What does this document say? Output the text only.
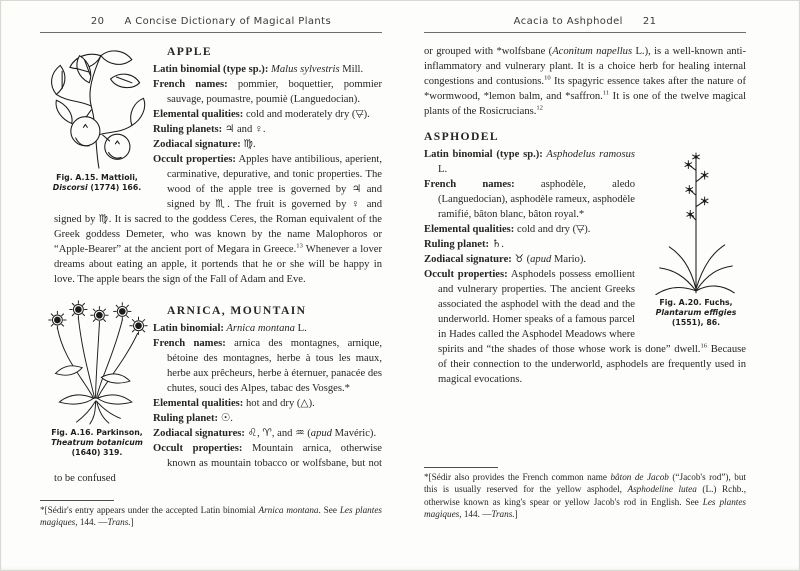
20 A Concise Dictionary of Magical Plants
Fig. A.15. Mattioli, Discorsi (1774) 166.
APPLE

Latin binomial (type sp.): Malus sylvestris Mill.

French names: pommier, boquettier, pommier sauvage, poumastre, poumiè (Languedocian).

Elemental qualities: cold and moderately dry (▽̶).

Ruling planets: ♃ and ♀.

Zodiacal signature: ♍.

Occult properties: Apples have antibilious, aperient, carminative, depurative, and tonic properties. The wood of the apple tree is governed by ♃ and signed by ♏. The fruit is governed by ♀ and signed by ♍. It is sacred to the goddess Ceres, the Roman equivalent of the Greek goddess Demeter, who was known by the name Malophoros or “Apple-Bearer” at the ancient port of Megara in Greece.$^{13}$ Whenever a lover dreams about eating an apple, it portends that he or she will be happy in love. The apple bears the sign of the Fall of Adam and Eve.

Fig. A.16. Parkinson, Theatrum botanicum (1640) 319.
ARNICA, MOUNTAIN

Latin binomial: Arnica montana L.

French names: arnica des montagnes, arnique, bétoine des montagnes, herbe à tous les maux, herbe aux prêcheurs, herbe à éternuer, panacée des chutes, souci des Alpes, tabac des Vosges.*

Elemental qualities: hot and dry (△).

Ruling planet: ☉.

Zodiacal signatures: ♌, ♈, and ♒ (apud Mavéric).

Occult properties: Mountain arnica, otherwise known as mountain tobacco or wolfsbane, but not to be confused

*[Sédir's entry appears under the accepted Latin binomial Arnica montana. See Les plantes magiques, 144. —Trans.]
Acacia to Ashphodel 21

or grouped with *wolfsbane (Aconitum napellus L.), is a well-known anti-inflammatory and vulnerary plant. It is a choice herb for healing internal congestions and contusions.$^{10}$ Its spagyric essence takes after the nature of *wormwood, *lemon balm, and *saffron.$^{11}$ It is one of the twelve magical plants of the Rosicrucians.$^{12}$

ASPHODEL
Fig. A.20. Fuchs, Plantarum effigies (1551), 86.

Latin binomial (type sp.): Asphodelus ramosus L.

French names: asphodèle, aledo (Languedocian), asphodèle rameux, asphodèle ramifié, bâton blanc, bâton royal.*

Elemental qualities: cold and dry (▽̶).

Ruling planet: ♄.

Zodiacal signature: ♉ (apud Mario).

Occult properties: Asphodels possess emollient and vulnerary properties. The ancient Greeks associated the asphodel with the dead and the underworld. Homer speaks of a famous parcel in Hades called the Asphodel Meadows where spirits and “the shades of those whose work is done” dwell.$^{16}$ Because of their connection to the underworld, asphodels are frequently used in magical evocations.

*[Sédir also provides the French common name bâton de Jacob (“Jacob's rod”), but this is usually reserved for the yellow asphodel, Asphodeline lutea (L.) Rchb., otherwise known as king's spear or yellow Jacob's rod in English. See Les plantes magiques, 144. —Trans.]
